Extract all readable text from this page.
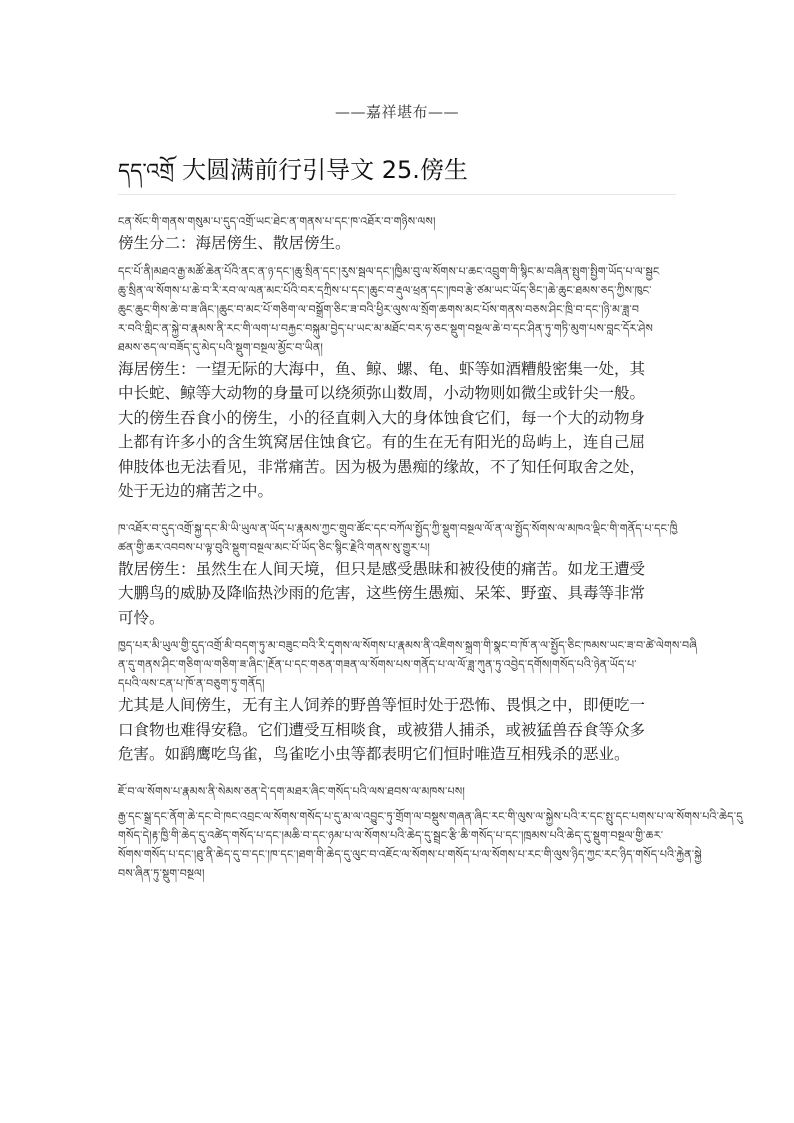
——嘉祥堪布——
དད་འགྲོ 大圆满前行引导文 25.傍生
ངན་སོང་གི་གནས་གསུམ་པ་དུད་འགྲོ་ཡང་ཐེང་ན་གནས་པ་དང་ཁ་འཐོར་བ་གཉིས་ལས།
傍生分二：海居傍生、散居傍生。
དང་པོ་ནི།མཐའ་རྒྱ་མཚོ་ཆེན་པོའི་ནང་ན་ཉ་དང་།ཆུ་སྲིན་དང་།རུས་སྦལ་དང་།ཁྱིམ་བུ་ལ་སོགས་པ་ཆང་འབྲུག་གི་སྙིང་མ་བཞིན་སྤུག་སྤྱིག་ཡོད་པ་ལ་སྦྱང
ཆུ་སྲིན་ལ་སོགས་པ་ཆེ་བ་རི་རབ་ལ་ལན་མང་པོའི་བར་དཀྲིས་པ་དང་།ཆུང་བ་རྡུལ་ཕྲན་དང་།ཁབ་རྩེ་ཙམ་ཡང་ཡོད་ཅིང་།ཆེ་ཆུང་ཐམས་ཅད་ཀྱིས་ཁུང་
ཆུང་ཆུང་གིས་ཆེ་བ་ཟ་ཞིང་།ཆུང་བ་མང་པོ་གཅིག་ལ་བསྒྲོག་ཅིང་ཟ་བའི་ཕྱིར་ལུས་ལ་སྲོག་ཆགས་མང་པོས་གནས་བཅས་ཤིང་ཁྲི་བ་དང་།ཉི་མ་ཟླ་བ
ར་བའི་གླིང་ན་སྐྱེ་བ་རྣམས་ནི་རང་གི་ལག་པ་བརྐྱང་བསྐུམ་བྱེད་པ་ཡང་མ་མཐོང་བར་ཧ་ཅང་སྡུག་བསྔལ་ཆེ་བ་དང་ཤིན་ཏུ་གཏི་མུག་པས་བླང་དོར་ཤེས
ཐམས་ཅད་ལ་བཟོད་དུ་མེད་པའི་སྡུག་བསྔལ་མྱོང་བ་ཡིན།
海居傍生：一望无际的大海中，鱼、鲸、螺、龟、虾等如酒糟般密集一处，其
中长蛇、鲸等大动物的身量可以绕须弥山数周，小动物则如微尘或针尖一般。
大的傍生吞食小的傍生，小的径直刺入大的身体蚀食它们，每一个大的动物身
上都有许多小的含生筑窝居住蚀食它。有的生在无有阳光的岛屿上，连自己屈
伸肢体也无法看见，非常痛苦。因为极为愚痴的缘故，不了知任何取舍之处，
处于无边的痛苦之中。
ཁ་འཐོར་བ་དུད་འགྲོ་སྐྱ་དང་མི་ཡི་ཡུལ་ན་ཡོད་པ་རྣམས་ཀྱང་གྲུབ་ཚོང་དང་བཀོལ་སྤྱོད་ཀྱི་སྡུག་བསྔལ་ལོ་ན་ལ་སྤྱོད་སོགས་ལ་མཁའ་ལྡིང་གི་གནོད་པ་དང་ཁྱི
ཚན་གྱི་ཆར་འབབས་པ་ལྟ་བུའི་སྡུག་བསྔལ་མང་པོ་ཡོད་ཅིང་སྙིང་རྗེའི་གནས་སུ་གྱུར་པ།
散居傍生：虽然生在人间天境，但只是感受愚昧和被役使的痛苦。如龙王遭受
大鹏鸟的威胁及降临热沙雨的危害，这些傍生愚痴、呆笨、野蛮、具毒等非常
可怜。
ཁྱད་པར་མི་ཡུལ་གྱི་དུད་འགྲོ་མི་བདག་ཏུ་མ་བཟུང་བའི་རི་དྭགས་ལ་སོགས་པ་རྣམས་ནི་འཇིགས་སྐྲག་གི་སྣང་བ་ཁོ་ན་ལ་སྤྱོད་ཅིང་ཁམས་ཡང་ཟ་བ་ཚེ་ལེགས་བཞི
ན་དུ་གནས་ཤིང་གཅིག་ལ་གཅིག་ཟ་ཞིང་།རྔོན་པ་དང་གཅན་གཟན་ལ་སོགས་པས་གནོད་པ་ལ་ལོ་ཟླ་ཀུན་ཏུ་འབྱེད་དགོས།གསོད་པའི་ཉེན་ཡོད་པ་
དཔའི་ལས་ངན་པ་ཁོ་ན་བཅུག་ཏུ་གནོད།
尤其是人间傍生，无有主人饲养的野兽等恒时处于恐怖、畏惧之中，即便吃一
口食物也难得安稳。它们遭受互相啖食，或被猎人捕杀，或被猛兽吞食等众多
危害。如鹞鹰吃鸟雀，鸟雀吃小虫等都表明它们恒时唯造互相残杀的恶业。
ཇོ་བ་ལ་སོགས་པ་རྣམས་ནི་སེམས་ཅན་དེ་དག་མཐར་ཞིང་གསོད་པའི་ལས་ཐབས་ལ་མཁས་པས།
རྒྱ་དང་སྒྲ་དང་ནོག་ཆེ་དང་བེ་ཁང་འབྲང་ལ་སོགས་གསོད་པ་དུ་མ་ལ་འབྱུང་ཏུ་གྲོག་ལ་བསྡུས་གཞན་ཞིང་རང་གི་ལུས་ལ་སྐྱེས་པའི་ར་དང་སྤུ་དང་པགས་པ་ལ་སོགས་པའི་ཆེད་དུ
གསོད་དེ།རྟ་ཁྱི་གི་ཆེད་དུ་འཚེད་གསོད་པ་དང་།མཆི་བ་དང་ཉམ་པ་ལ་སོགས་པའི་ཆེད་དུ་སྦྲང་རྩི་ཆི་གསོད་པ་དང་།ཁྲམས་པའི་ཆེད་དུ་སྡུག་བསྔལ་གྱི་ཆར་
སོགས་གསོད་པ་དང་།ཐུ་ནི་ཆེད་དུ་བ་དང་།ཁ་དང་།ཐག་གི་ཆེད་དུ་ལུང་བ་འཇོང་ལ་སོགས་པ་གསོད་པ་ལ་སོགས་པ་རང་གི་ལུས་ཉིད་ཀྱང་རང་ཉིད་གསོད་པའི་རྐྱེན་སྐྱེ
བས་ཞིན་ཏུ་སྡུག་བསྔལ།
